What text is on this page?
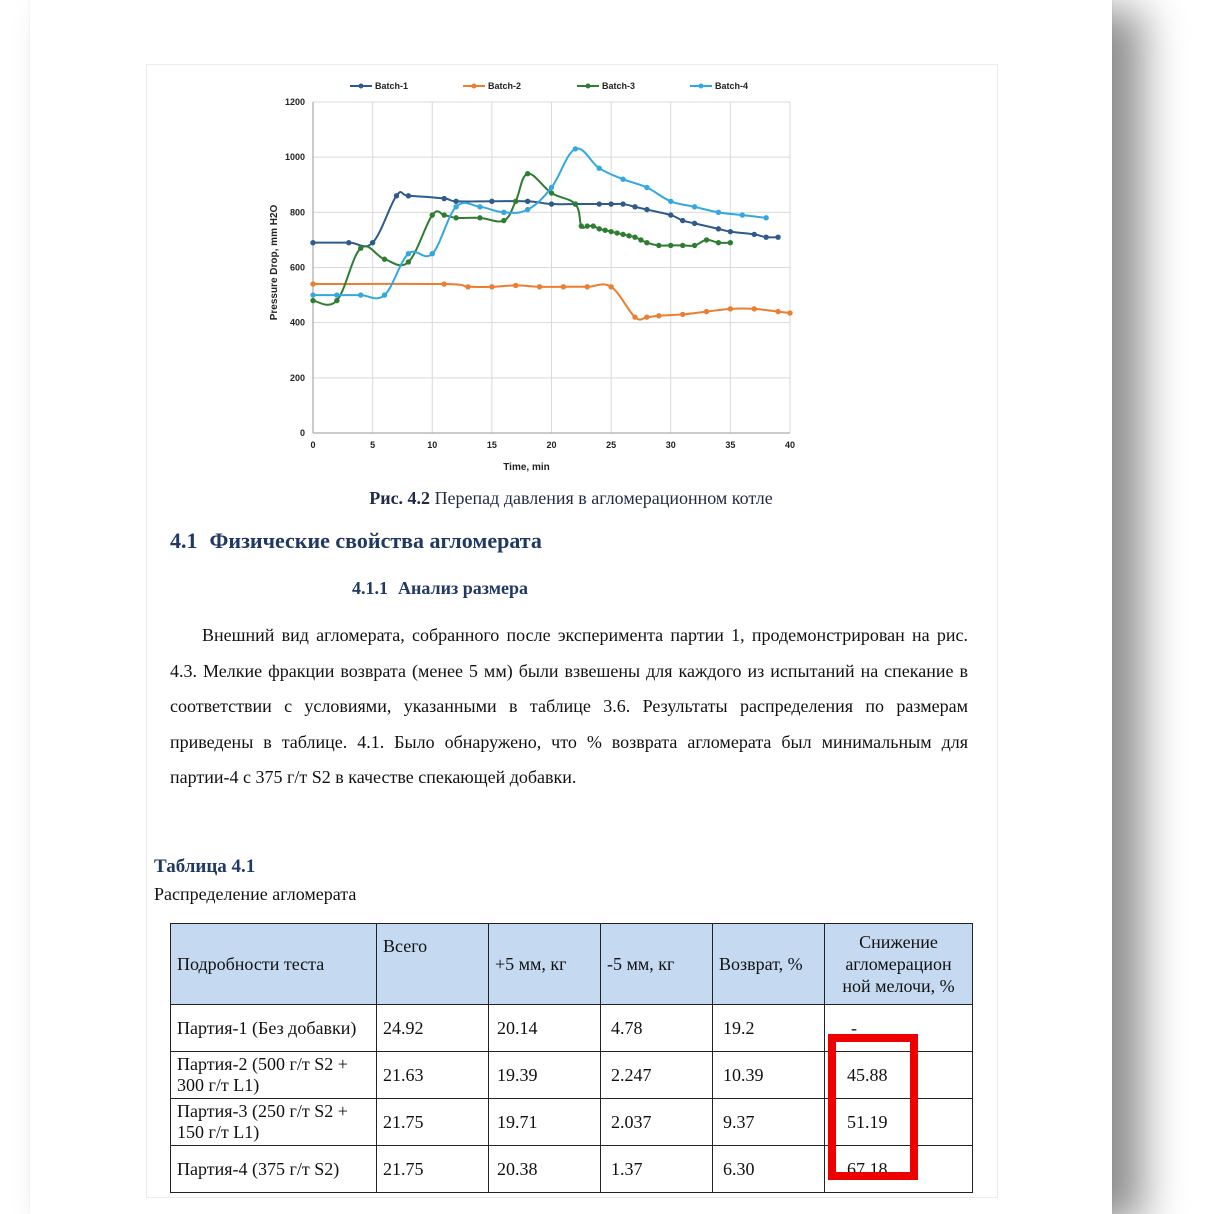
Batch-1	Batch-2	Batch-3	Batch-4
0	5	10	15	20	25	30	35	40
0
200
400
600
800
1000
1200
Time, min
Pressure Drop, mm H2O
Рис. 4.2 Перепад давления в агломерационном котле
4.1 Физические свойства агломерата
4.1.1 Анализ размера

Внешний вид агломерата, собранного после эксперимента партии 1, продемонстрирован на рис. 4.3. Мелкие фракции возврата (менее 5 мм) были взвешены для каждого из испытаний на спекание в соответствии с условиями, указанными в таблице 3.6. Результаты распределения по размерам приведены в таблице. 4.1. Было обнаружено, что % возврата агломерата был минимальным для партии-4 с 375 г/т S2 в качестве спекающей добавки.

Таблица 4.1
Распределение агломерата
Подробности теста	Всего	+5 мм, кг	-5 мм, кг	Возврат, %	Снижение агломерацион ной мелочи, %
Партия-1 (Без добавки)	24.92	20.14	4.78	19.2	-
Партия-2 (500 г/т S2 + 300 г/т L1)	21.63	19.39	2.247	10.39	45.88
Партия-3 (250 г/т S2 + 150 г/т L1)	21.75	19.71	2.037	9.37	51.19
Партия-4 (375 г/т S2)	21.75	20.38	1.37	6.30	67.18
